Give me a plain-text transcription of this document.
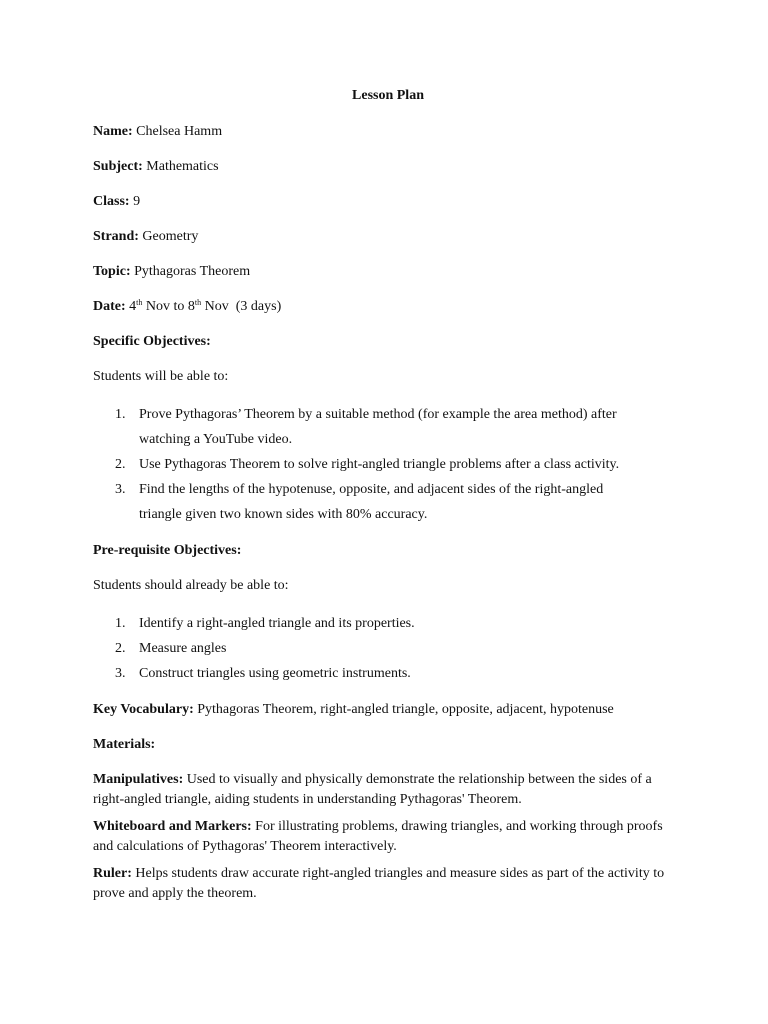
Lesson Plan
Name: Chelsea Hamm
Subject: Mathematics
Class: 9
Strand: Geometry
Topic: Pythagoras Theorem
Date: 4th Nov to 8th Nov (3 days)
Specific Objectives:
Students will be able to:
1. Prove Pythagoras’ Theorem by a suitable method (for example the area method) after
watching a YouTube video.
2. Use Pythagoras Theorem to solve right-angled triangle problems after a class activity.
3. Find the lengths of the hypotenuse, opposite, and adjacent sides of the right-angled
triangle given two known sides with 80% accuracy.
Pre-requisite Objectives:
Students should already be able to:
1. Identify a right-angled triangle and its properties.
2. Measure angles
3. Construct triangles using geometric instruments.
Key Vocabulary: Pythagoras Theorem, right-angled triangle, opposite, adjacent, hypotenuse
Materials:
Manipulatives: Used to visually and physically demonstrate the relationship between the sides of a right-angled triangle, aiding students in understanding Pythagoras' Theorem.
Whiteboard and Markers: For illustrating problems, drawing triangles, and working through proofs and calculations of Pythagoras' Theorem interactively.
Ruler: Helps students draw accurate right-angled triangles and measure sides as part of the activity to prove and apply the theorem.
